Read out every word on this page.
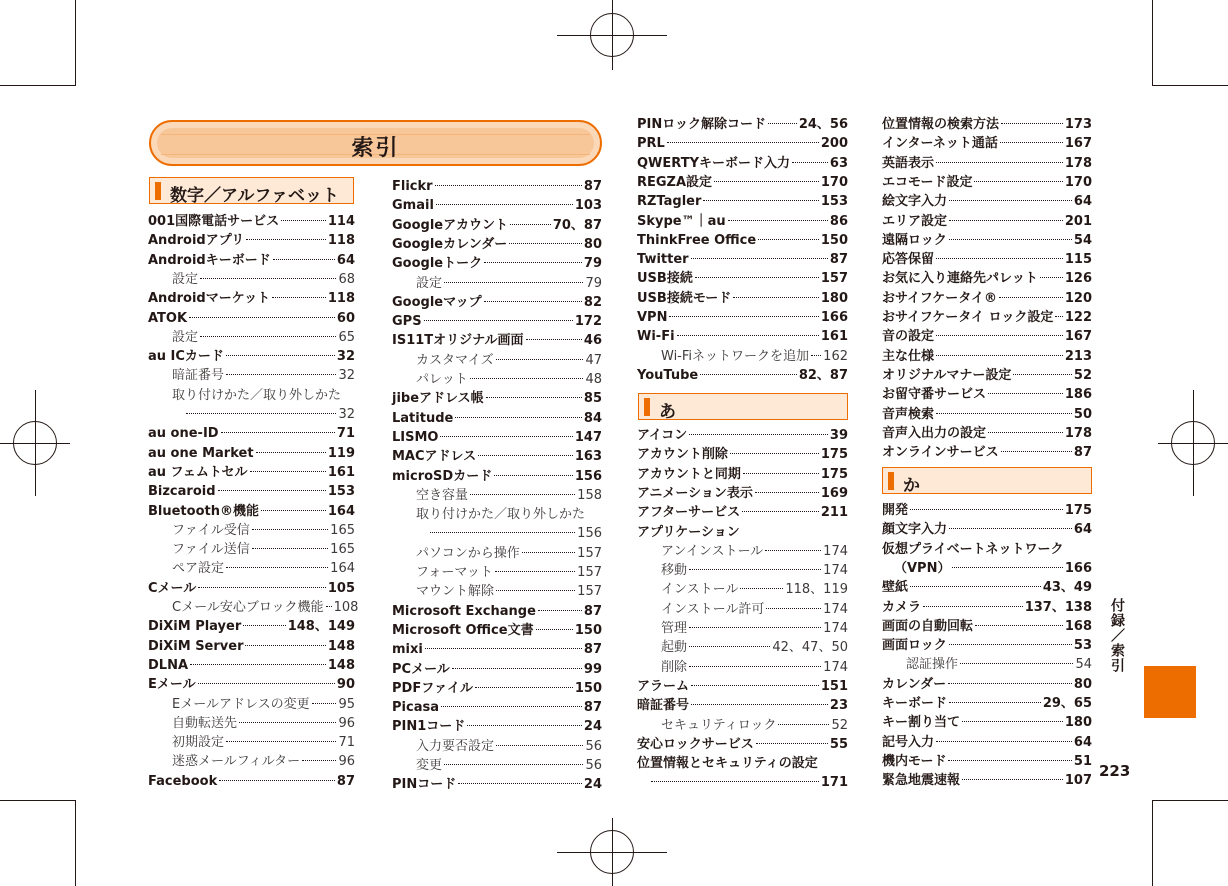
索引
数字／アルファベット
あ
か
001国際電話サービス	114
Androidアプリ	118
Androidキーボード	64
設定	68
Androidマーケット	118
ATOK	60
設定	65
au ICカード	32
暗証番号	32
取り付けかた／取り外しかた
32
au one-ID	71
au one Market	119
au フェムトセル	161
Bizcaroid	153
Bluetooth®機能	164
ファイル受信	165
ファイル送信	165
ペア設定	164
Cメール	105
Cメール安心ブロック機能 108
DiXiM Player	148、149
DiXiM Server	148
DLNA	148
Eメール	90
Eメールアドレスの変更 95
自動転送先	96
初期設定	71
迷惑メールフィルター	96
Facebook	87
Flickr	87
Gmail	103
Googleアカウント	70、87
Googleカレンダー	80
Googleトーク	79
設定	79
Googleマップ	82
GPS	172
IS11Tオリジナル画面	46
カスタマイズ	47
パレット	48
jibeアドレス帳	85
Latitude	84
LISMO	147
MACアドレス	163
microSDカード	156
空き容量	158
取り付けかた／取り外しかた
156
パソコンから操作	157
フォーマット	157
マウント解除	157
Microsoft Exchange	87
Microsoft Office文書	150
mixi	87
PCメール	99
PDFファイル	150
Picasa	87
PIN1コード	24
入力要否設定	56
変更	56
PINコード	24
PINロック解除コード	24、56
PRL	200
QWERTYキーボード入力	63
REGZA設定	170
RZTagler	153
Skype™｜au	86
ThinkFree Office	150
Twitter	87
USB接続	157
USB接続モード	180
VPN	166
Wi-Fi	161
Wi-Fiネットワークを追加 162
YouTube	82、87
アイコン	39
アカウント削除	175
アカウントと同期	175
アニメーション表示	169
アフターサービス	211
アプリケーション
アンインストール	174
移動	174
インストール	118、119
インストール許可	174
管理	174
起動	42、47、50
削除	174
アラーム	151
暗証番号	23
セキュリティロック	52
安心ロックサービス	55
位置情報とセキュリティの設定
171
位置情報の検索方法	173
インターネット通話	167
英語表示	178
エコモード設定	170
絵文字入力	64
エリア設定	201
遠隔ロック	54
応答保留	115
お気に入り連絡先パレット 126
おサイフケータイ®	120
おサイフケータイ ロック設定 122
音の設定	167
主な仕様	213
オリジナルマナー設定	52
お留守番サービス	186
音声検索	50
音声入出力の設定	178
オンラインサービス	87
開発	175
顔文字入力	64
仮想プライベートネットワーク
（VPN）	166
壁紙	43、49
カメラ	137、138
画面の自動回転	168
画面ロック	53
認証操作	54
カレンダー	80
キーボード	29、65
キー割り当て	180
記号入力	64
機内モード	51
緊急地震速報	107
付録／索引
223
